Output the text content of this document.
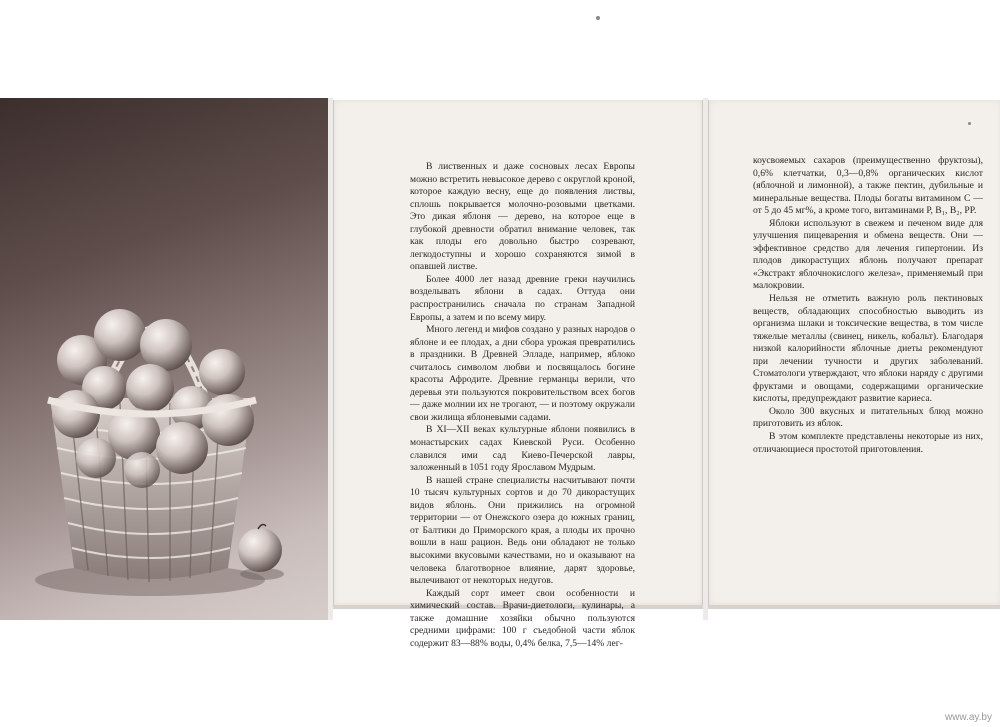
В лиственных и даже сосновых лесах Европы можно встретить невысокое дерево с округлой кроной, которое каждую весну, еще до появления листвы, сплошь покрывается молочно-розовыми цветками. Это дикая яблоня — дерево, на которое еще в глубокой древности обратил внимание человек, так как плоды его довольно быстро созревают, легкодоступны и хорошо сохраняются зимой в опавшей листве.

Более 4000 лет назад древние греки научились возделывать яблони в садах. Оттуда они распространились сначала по странам Западной Европы, а затем и по всему миру.

Много легенд и мифов создано у разных народов о яблоне и ее плодах, а дни сбора урожая превратились в праздники. В Древней Элладе, например, яблоко считалось символом любви и посвящалось богине красоты Афродите. Древние германцы верили, что деревья эти пользуются покровительством всех богов — даже молнии их не трогают, — и поэтому окружали свои жилища яблоневыми садами.

В XI—XII веках культурные яблони появились в монастырских садах Киевской Руси. Особенно славился ими сад Киево-Печерской лавры, заложенный в 1051 году Ярославом Мудрым.

В нашей стране специалисты насчитывают почти 10 тысяч культурных сортов и до 70 дикорастущих видов яблонь. Они прижились на огромной территории — от Онежского озера до южных границ, от Балтики до Приморского края, а плоды их прочно вошли в наш рацион. Ведь они обладают не только высокими вкусовыми качествами, но и оказывают на человека благотворное влияние, дарят здоровье, вылечивают от некоторых недугов.

Каждый сорт имеет свои особенности и химический состав. Врачи-диетологи, кулинары, а также домашние хозяйки обычно пользуются средними цифрами: 100 г съедобной части яблок содержит 83—88% воды, 0,4% белка, 7,5—14% лег-

коусвояемых сахаров (преимущественно фруктозы), 0,6% клетчатки, 0,3—0,8% органических кислот (яблочной и лимонной), а также пектин, дубильные и минеральные вещества. Плоды богаты витамином С — от 5 до 45 мг%, а кроме того, витаминами Р, B₁, B₂, PP.

Яблоки используют в свежем и печеном виде для улучшения пищеварения и обмена веществ. Они — эффективное средство для лечения гипертонии. Из плодов дикорастущих яблонь получают препарат «Экстракт яблочнокислого железа», применяемый при малокровии.

Нельзя не отметить важную роль пектиновых веществ, обладающих способностью выводить из организма шлаки и токсические вещества, в том числе тяжелые металлы (свинец, никель, кобальт). Благодаря низкой калорийности яблочные диеты рекомендуют при лечении тучности и других заболеваний. Стоматологи утверждают, что яблоки наряду с другими фруктами и овощами, содержащими органические кислоты, предупреждают развитие кариеса.

Около 300 вкусных и питательных блюд можно приготовить из яблок.

В этом комплекте представлены некоторые из них, отличающиеся простотой приготовления.

www.ay.by
